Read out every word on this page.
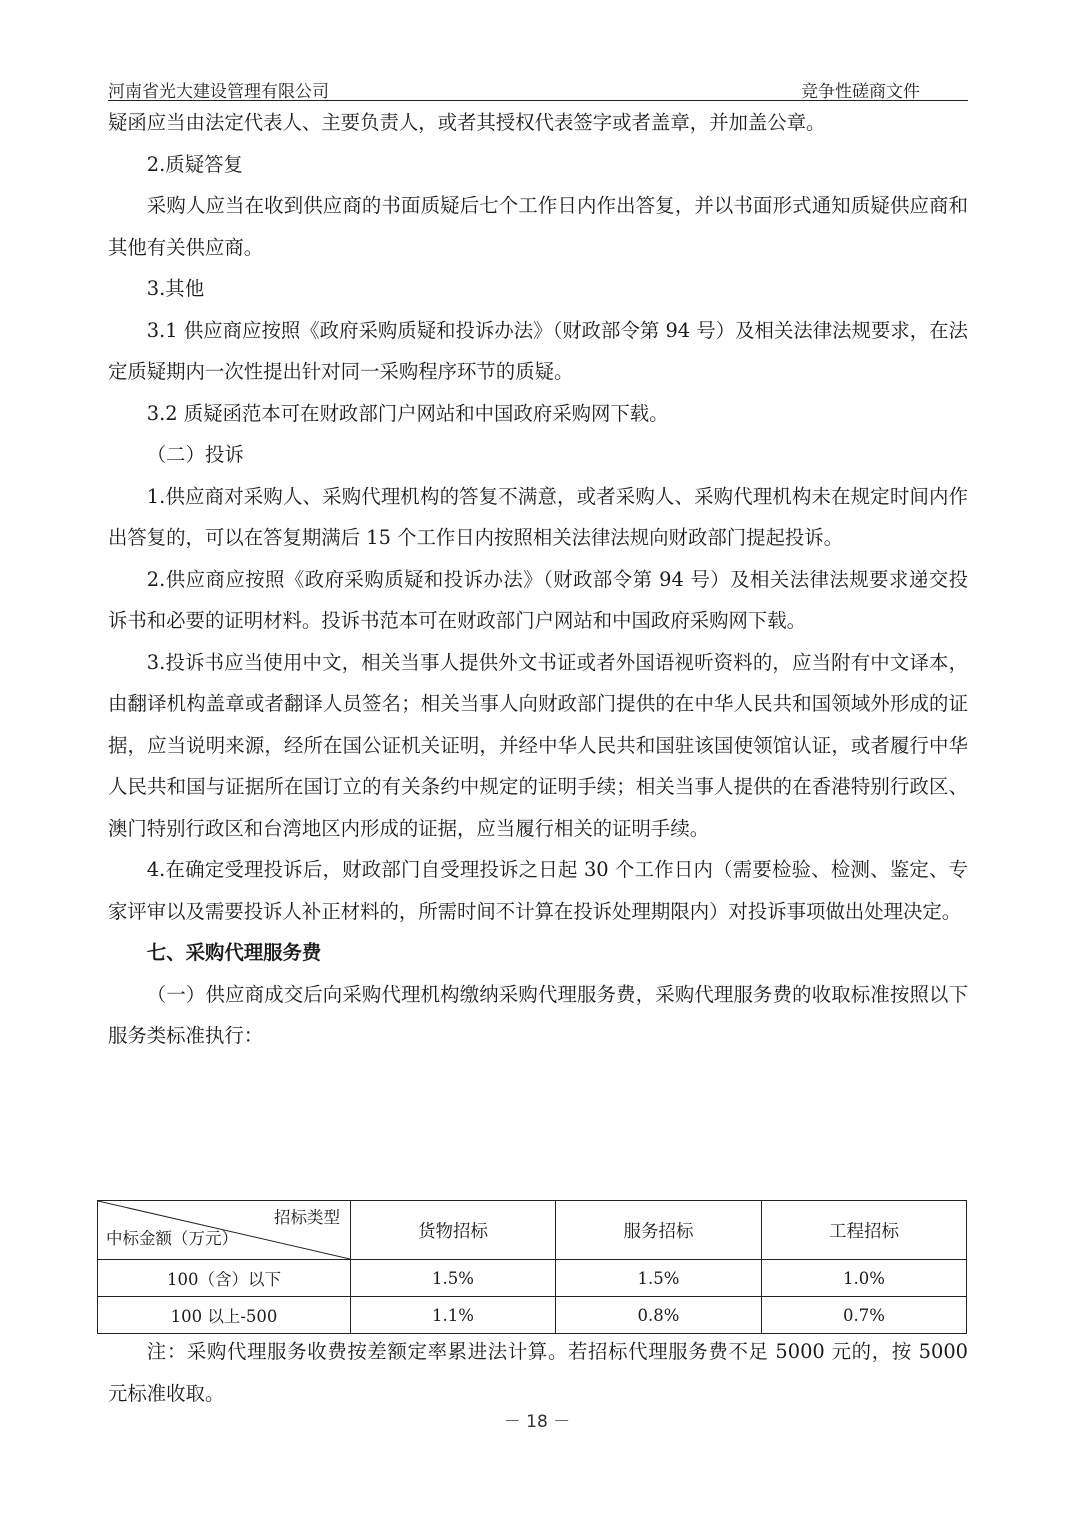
河南省光大建设管理有限公司	竞争性磋商文件

疑函应当由法定代表人、主要负责人，或者其授权代表签字或者盖章，并加盖公章。

2.质疑答复

采购人应当在收到供应商的书面质疑后七个工作日内作出答复，并以书面形式通知质疑供应商和其他有关供应商。

3.其他

3.1 供应商应按照《政府采购质疑和投诉办法》（财政部令第 94 号）及相关法律法规要求，在法定质疑期内一次性提出针对同一采购程序环节的质疑。

3.2 质疑函范本可在财政部门户网站和中国政府采购网下载。

（二）投诉

1.供应商对采购人、采购代理机构的答复不满意，或者采购人、采购代理机构未在规定时间内作出答复的，可以在答复期满后 15 个工作日内按照相关法律法规向财政部门提起投诉。

2.供应商应按照《政府采购质疑和投诉办法》（财政部令第 94 号）及相关法律法规要求递交投诉书和必要的证明材料。投诉书范本可在财政部门户网站和中国政府采购网下载。

3.投诉书应当使用中文，相关当事人提供外文书证或者外国语视听资料的，应当附有中文译本，由翻译机构盖章或者翻译人员签名；相关当事人向财政部门提供的在中华人民共和国领域外形成的证据，应当说明来源，经所在国公证机关证明，并经中华人民共和国驻该国使领馆认证，或者履行中华人民共和国与证据所在国订立的有关条约中规定的证明手续；相关当事人提供的在香港特别行政区、澳门特别行政区和台湾地区内形成的证据，应当履行相关的证明手续。

4.在确定受理投诉后，财政部门自受理投诉之日起 30 个工作日内（需要检验、检测、鉴定、专家评审以及需要投诉人补正材料的，所需时间不计算在投诉处理期限内）对投诉事项做出处理决定。

七、采购代理服务费

（一）供应商成交后向采购代理机构缴纳采购代理服务费，采购代理服务费的收取标准按照以下服务类标准执行：

招标类型
中标金额（万元）	货物招标	服务招标	工程招标
100（含）以下	1.5%	1.5%	1.0%
100 以上-500	1.1%	0.8%	0.7%

注：采购代理服务收费按差额定率累进法计算。若招标代理服务费不足 5000 元的，按 5000 元标准收取。

－ 18 －
